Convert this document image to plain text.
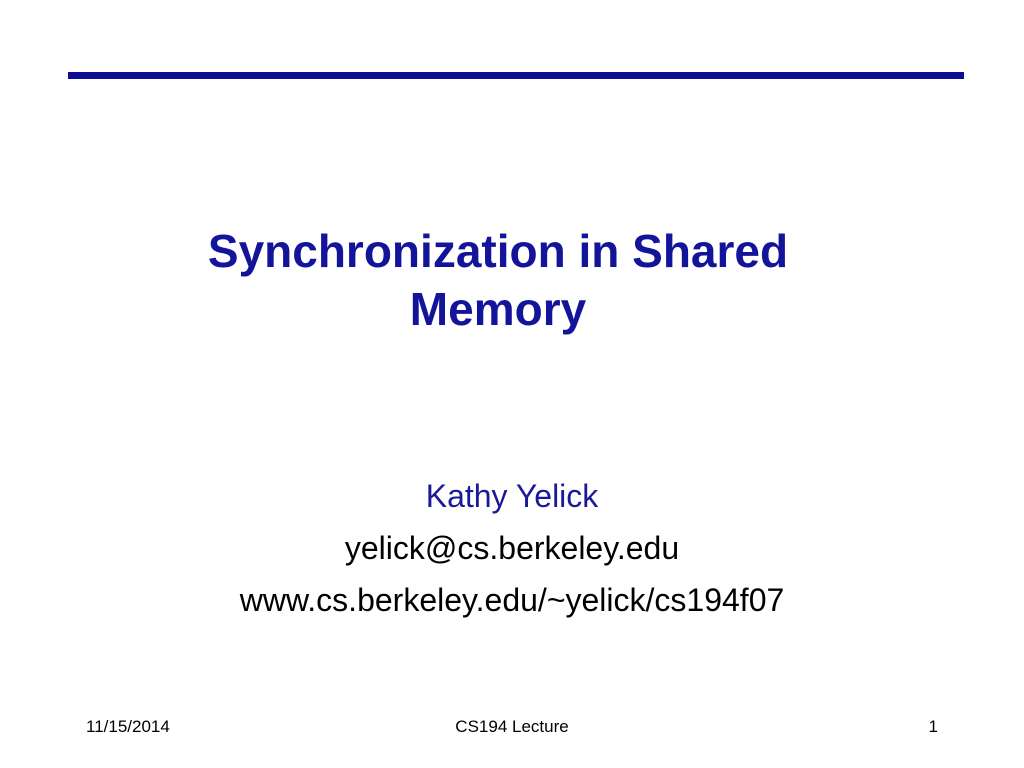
Synchronization in Shared
Memory
Kathy Yelick
yelick@cs.berkeley.edu
www.cs.berkeley.edu/~yelick/cs194f07
11/15/2014	CS194 Lecture	1
